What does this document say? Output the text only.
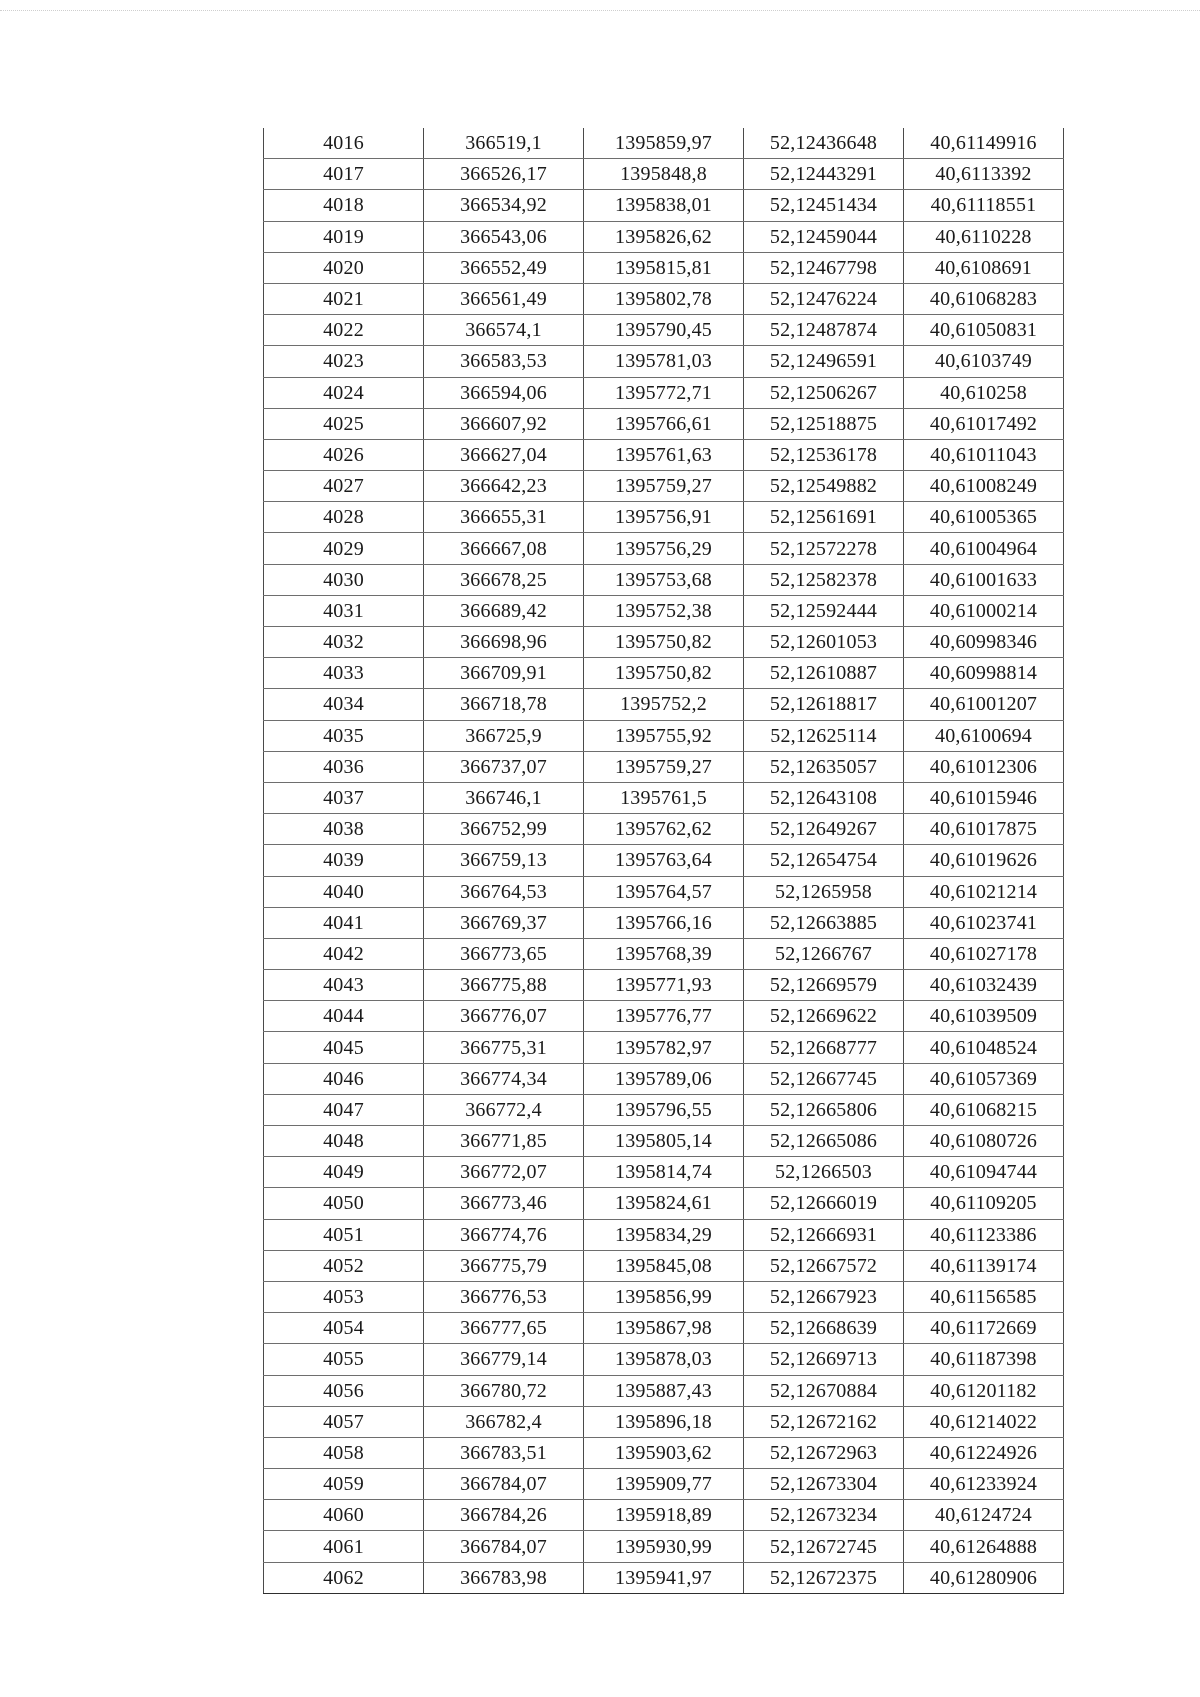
4016	366519,1	1395859,97	52,12436648	40,61149916
4017	366526,17	1395848,8	52,12443291	40,6113392
4018	366534,92	1395838,01	52,12451434	40,61118551
4019	366543,06	1395826,62	52,12459044	40,6110228
4020	366552,49	1395815,81	52,12467798	40,6108691
4021	366561,49	1395802,78	52,12476224	40,61068283
4022	366574,1	1395790,45	52,12487874	40,61050831
4023	366583,53	1395781,03	52,12496591	40,6103749
4024	366594,06	1395772,71	52,12506267	40,610258
4025	366607,92	1395766,61	52,12518875	40,61017492
4026	366627,04	1395761,63	52,12536178	40,61011043
4027	366642,23	1395759,27	52,12549882	40,61008249
4028	366655,31	1395756,91	52,12561691	40,61005365
4029	366667,08	1395756,29	52,12572278	40,61004964
4030	366678,25	1395753,68	52,12582378	40,61001633
4031	366689,42	1395752,38	52,12592444	40,61000214
4032	366698,96	1395750,82	52,12601053	40,60998346
4033	366709,91	1395750,82	52,12610887	40,60998814
4034	366718,78	1395752,2	52,12618817	40,61001207
4035	366725,9	1395755,92	52,12625114	40,6100694
4036	366737,07	1395759,27	52,12635057	40,61012306
4037	366746,1	1395761,5	52,12643108	40,61015946
4038	366752,99	1395762,62	52,12649267	40,61017875
4039	366759,13	1395763,64	52,12654754	40,61019626
4040	366764,53	1395764,57	52,1265958	40,61021214
4041	366769,37	1395766,16	52,12663885	40,61023741
4042	366773,65	1395768,39	52,1266767	40,61027178
4043	366775,88	1395771,93	52,12669579	40,61032439
4044	366776,07	1395776,77	52,12669622	40,61039509
4045	366775,31	1395782,97	52,12668777	40,61048524
4046	366774,34	1395789,06	52,12667745	40,61057369
4047	366772,4	1395796,55	52,12665806	40,61068215
4048	366771,85	1395805,14	52,12665086	40,61080726
4049	366772,07	1395814,74	52,1266503	40,61094744
4050	366773,46	1395824,61	52,12666019	40,61109205
4051	366774,76	1395834,29	52,12666931	40,61123386
4052	366775,79	1395845,08	52,12667572	40,61139174
4053	366776,53	1395856,99	52,12667923	40,61156585
4054	366777,65	1395867,98	52,12668639	40,61172669
4055	366779,14	1395878,03	52,12669713	40,61187398
4056	366780,72	1395887,43	52,12670884	40,61201182
4057	366782,4	1395896,18	52,12672162	40,61214022
4058	366783,51	1395903,62	52,12672963	40,61224926
4059	366784,07	1395909,77	52,12673304	40,61233924
4060	366784,26	1395918,89	52,12673234	40,6124724
4061	366784,07	1395930,99	52,12672745	40,61264888
4062	366783,98	1395941,97	52,12672375	40,61280906
